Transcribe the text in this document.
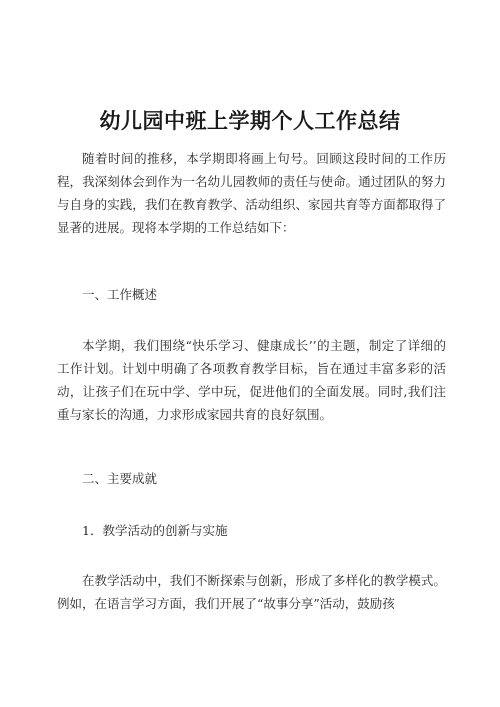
幼儿园中班上学期个人工作总结

随着时间的推移，本学期即将画上句号。回顾这段时间的工作历程，我深刻体会到作为一名幼儿园教师的责任与使命。通过团队的努力与自身的实践，我们在教育教学、活动组织、家园共育等方面都取得了显著的进展。现将本学期的工作总结如下：

一、工作概述

本学期，我们围绕“快乐学习、健康成长’’的主题，制定了详细的工作计划。计划中明确了各项教育教学目标，旨在通过丰富多彩的活动，让孩子们在玩中学、学中玩，促进他们的全面发展。同时,我们注重与家长的沟通，力求形成家园共育的良好氛围。

二、主要成就

1．教学活动的创新与实施

在教学活动中，我们不断探索与创新，形成了多样化的教学模式。例如，在语言学习方面，我们开展了“故事分享”活动，鼓励孩
